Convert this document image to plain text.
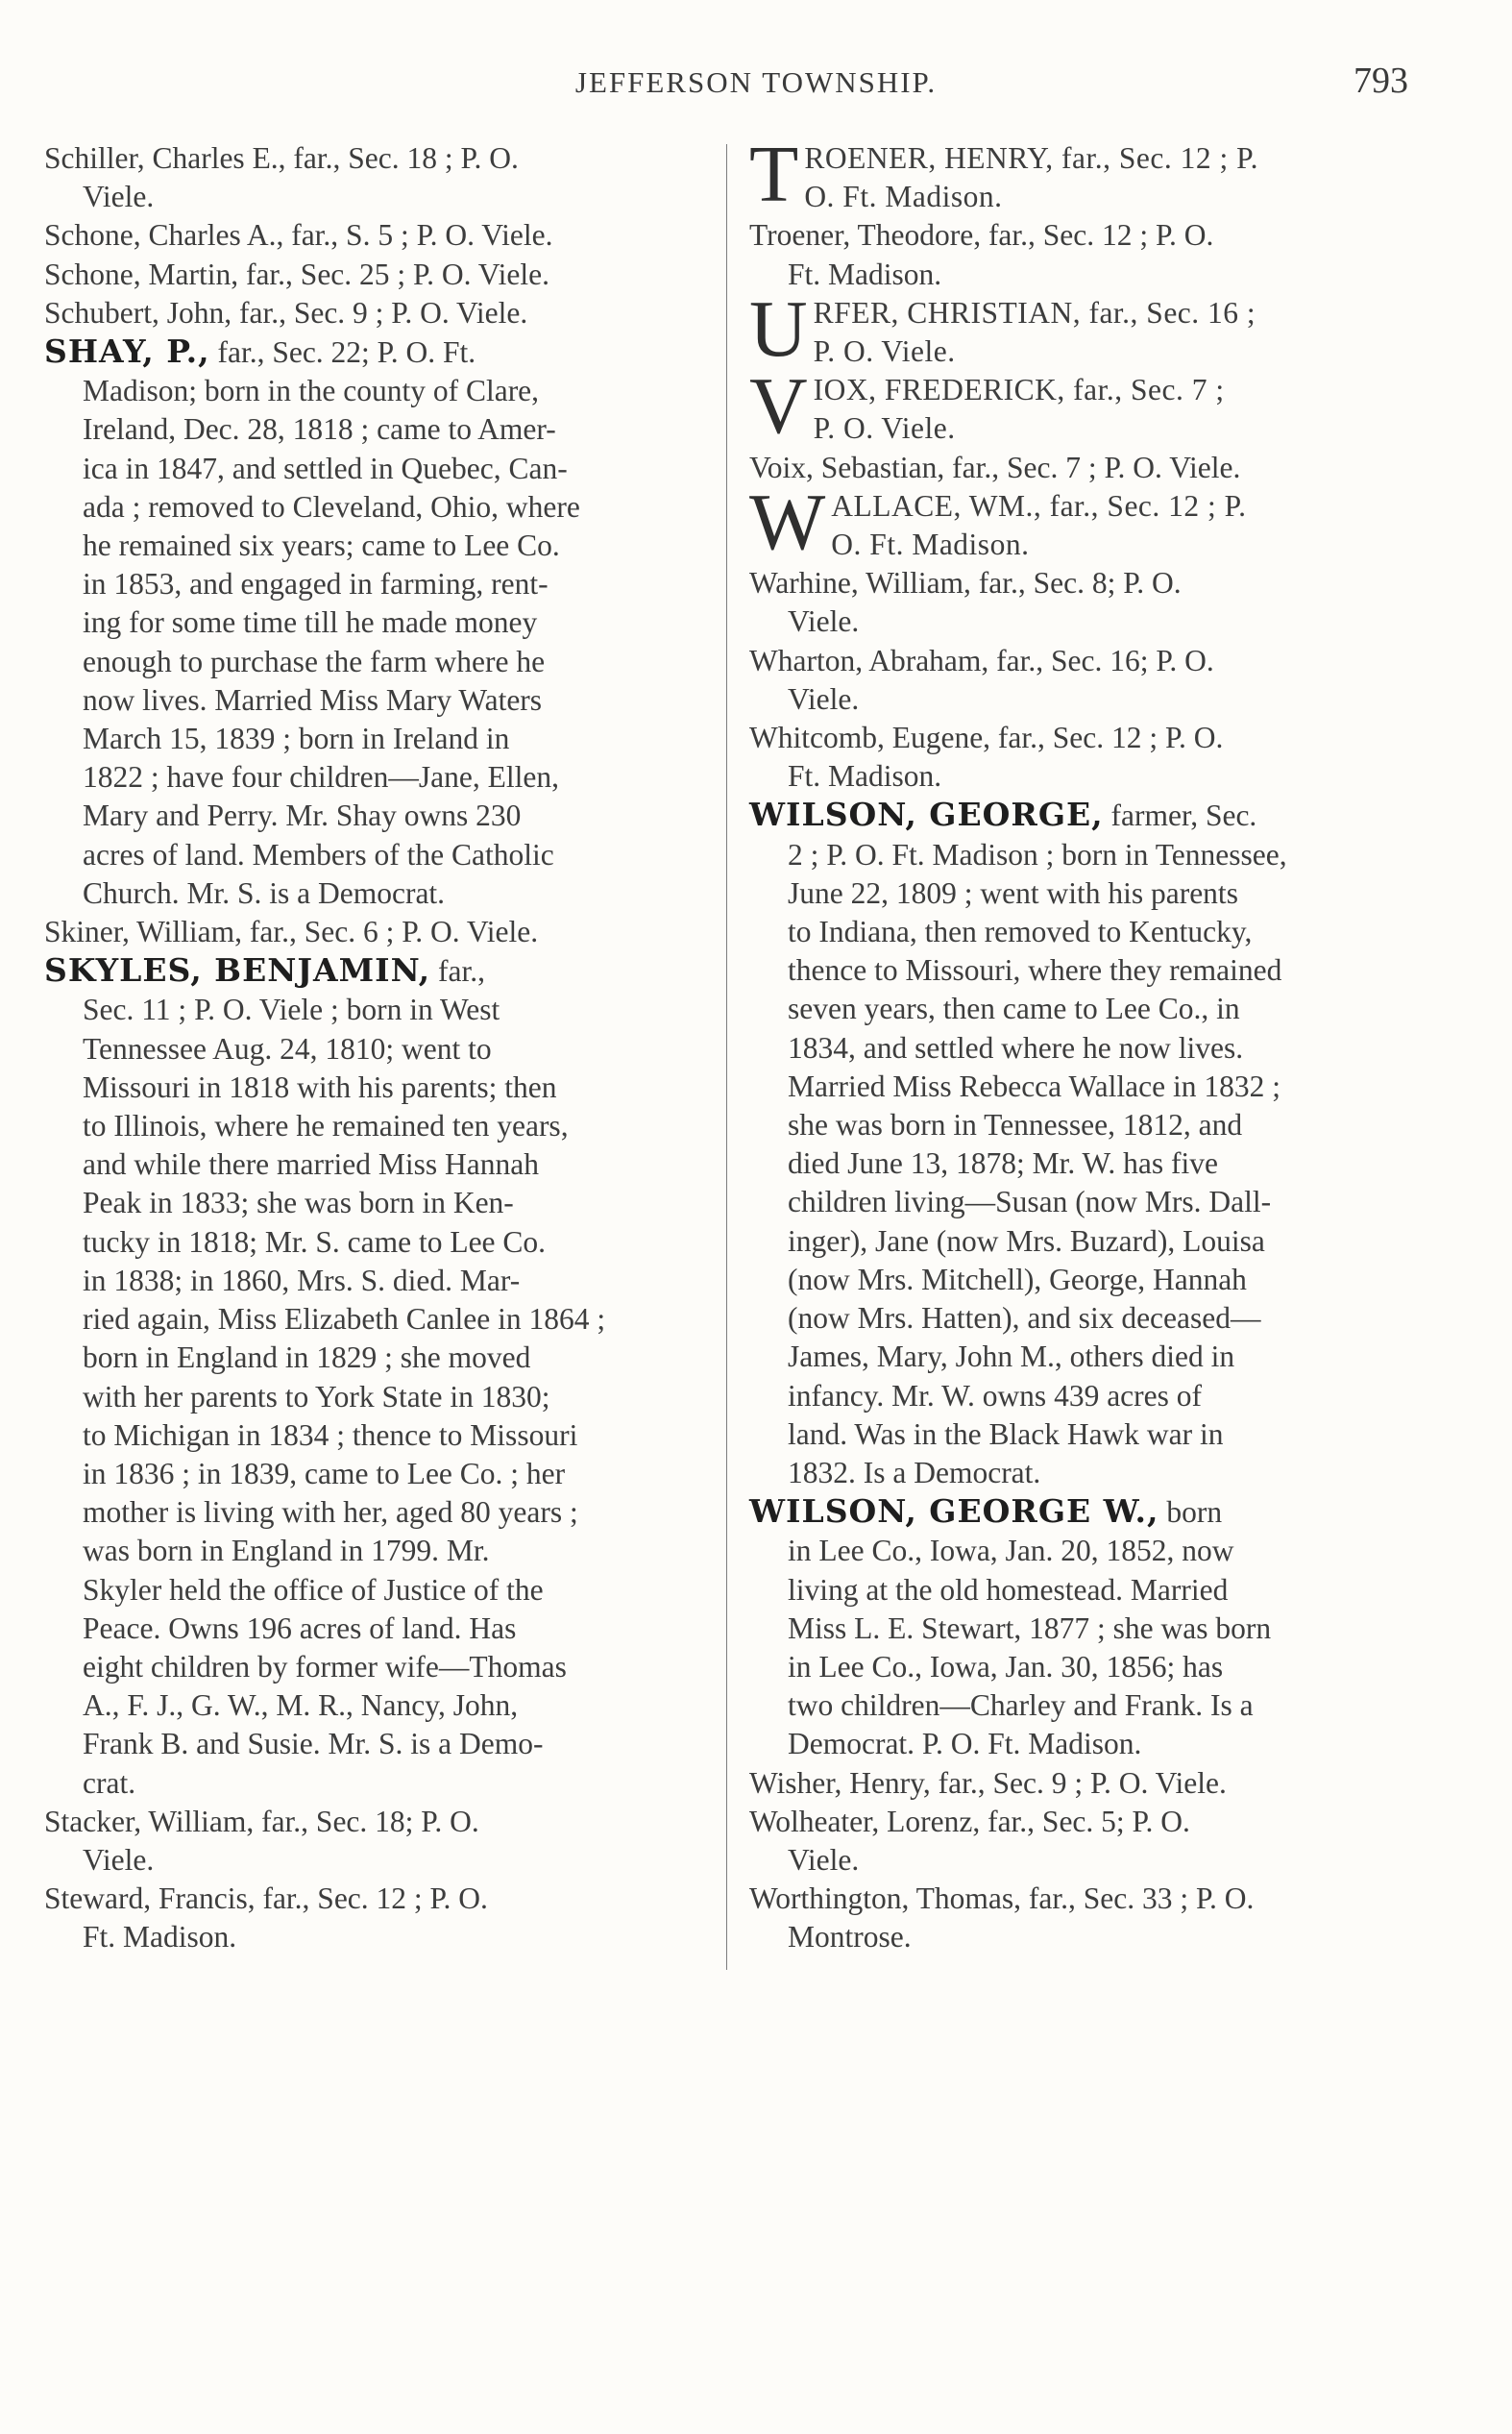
JEFFERSON TOWNSHIP.	793
Schiller, Charles E., far., Sec. 18 ; P. O.
Viele.
Schone, Charles A., far., S. 5 ; P. O. Viele.
Schone, Martin, far., Sec. 25 ; P. O. Viele.
Schubert, John, far., Sec. 9 ; P. O. Viele.
SHAY, P., far., Sec. 22; P. O. Ft.
Madison; born in the county of Clare,
Ireland, Dec. 28, 1818 ; came to Amer-
ica in 1847, and settled in Quebec, Can-
ada ; removed to Cleveland, Ohio, where
he remained six years; came to Lee Co.
in 1853, and engaged in farming, rent-
ing for some time till he made money
enough to purchase the farm where he
now lives. Married Miss Mary Waters
March 15, 1839 ; born in Ireland in
1822 ; have four children—Jane, Ellen,
Mary and Perry. Mr. Shay owns 230
acres of land. Members of the Catholic
Church. Mr. S. is a Democrat.
Skiner, William, far., Sec. 6 ; P. O. Viele.
SKYLES, BENJAMIN, far.,
Sec. 11 ; P. O. Viele ; born in West
Tennessee Aug. 24, 1810; went to
Missouri in 1818 with his parents; then
to Illinois, where he remained ten years,
and while there married Miss Hannah
Peak in 1833; she was born in Ken-
tucky in 1818; Mr. S. came to Lee Co.
in 1838; in 1860, Mrs. S. died. Mar-
ried again, Miss Elizabeth Canlee in 1864 ;
born in England in 1829 ; she moved
with her parents to York State in 1830;
to Michigan in 1834 ; thence to Missouri
in 1836 ; in 1839, came to Lee Co. ; her
mother is living with her, aged 80 years ;
was born in England in 1799. Mr.
Skyler held the office of Justice of the
Peace. Owns 196 acres of land. Has
eight children by former wife—Thomas
A., F. J., G. W., M. R., Nancy, John,
Frank B. and Susie. Mr. S. is a Demo-
crat.
Stacker, William, far., Sec. 18; P. O.
Viele.
Steward, Francis, far., Sec. 12 ; P. O.
Ft. Madison.
T ROENER, HENRY, far., Sec. 12 ; P.
O. Ft. Madison.
Troener, Theodore, far., Sec. 12 ; P. O.
Ft. Madison.
U RFER, CHRISTIAN, far., Sec. 16 ;
P. O. Viele.
V IOX, FREDERICK, far., Sec. 7 ;
P. O. Viele.
Voix, Sebastian, far., Sec. 7 ; P. O. Viele.
W ALLACE, WM., far., Sec. 12 ; P.
O. Ft. Madison.
Warhine, William, far., Sec. 8; P. O.
Viele.
Wharton, Abraham, far., Sec. 16; P. O.
Viele.
Whitcomb, Eugene, far., Sec. 12 ; P. O.
Ft. Madison.
WILSON, GEORGE, farmer, Sec.
2 ; P. O. Ft. Madison ; born in Tennessee,
June 22, 1809 ; went with his parents
to Indiana, then removed to Kentucky,
thence to Missouri, where they remained
seven years, then came to Lee Co., in
1834, and settled where he now lives.
Married Miss Rebecca Wallace in 1832 ;
she was born in Tennessee, 1812, and
died June 13, 1878; Mr. W. has five
children living—Susan (now Mrs. Dall-
inger), Jane (now Mrs. Buzard), Louisa
(now Mrs. Mitchell), George, Hannah
(now Mrs. Hatten), and six deceased—
James, Mary, John M., others died in
infancy. Mr. W. owns 439 acres of
land. Was in the Black Hawk war in
1832. Is a Democrat.
WILSON, GEORGE W., born
in Lee Co., Iowa, Jan. 20, 1852, now
living at the old homestead. Married
Miss L. E. Stewart, 1877 ; she was born
in Lee Co., Iowa, Jan. 30, 1856; has
two children—Charley and Frank. Is a
Democrat. P. O. Ft. Madison.
Wisher, Henry, far., Sec. 9 ; P. O. Viele.
Wolheater, Lorenz, far., Sec. 5; P. O.
Viele.
Worthington, Thomas, far., Sec. 33 ; P. O.
Montrose.
